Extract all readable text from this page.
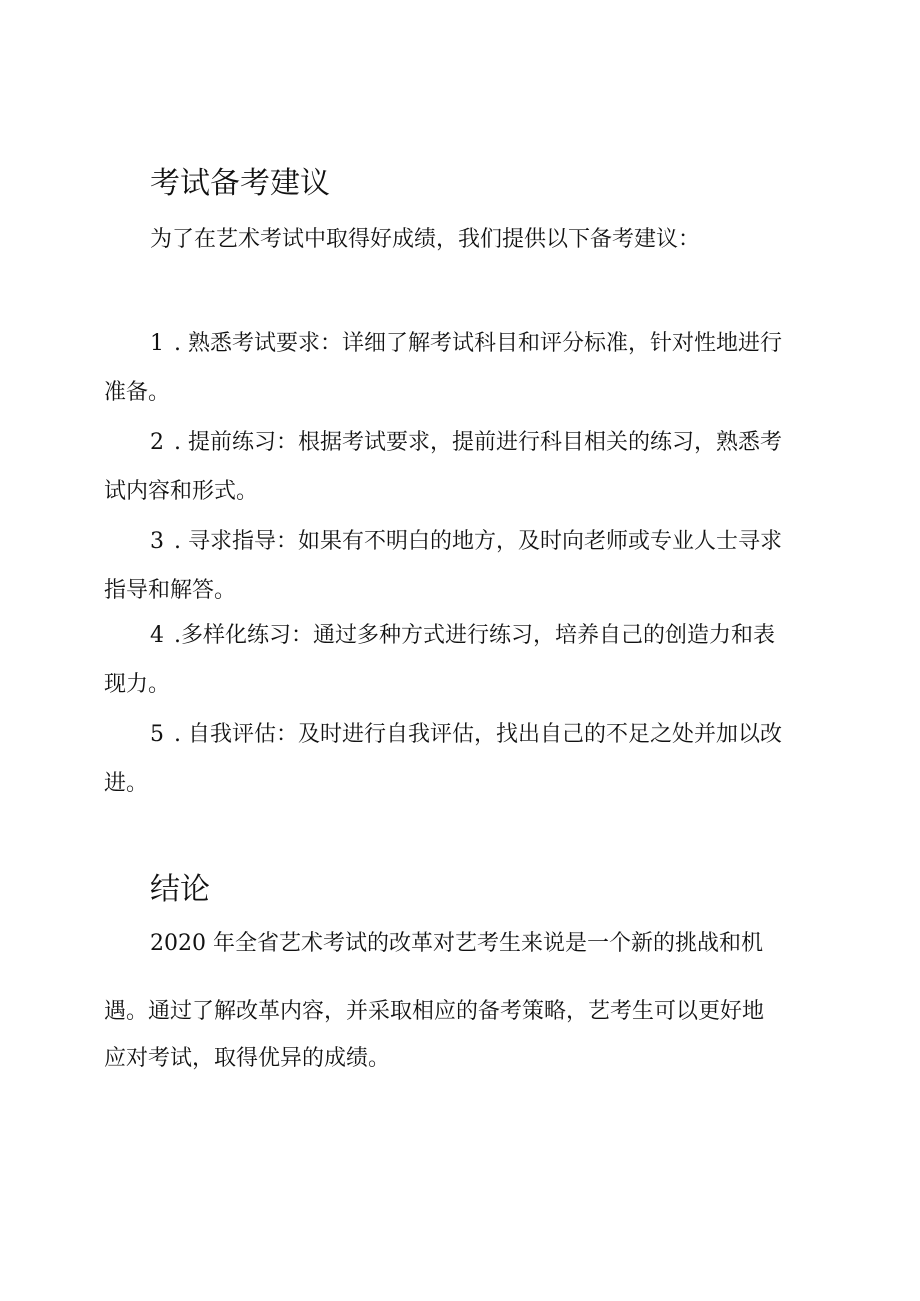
考试备考建议

为了在艺术考试中取得好成绩，我们提供以下备考建议：

1 . 熟悉考试要求：详细了解考试科目和评分标准，针对性地进行

准备。

2 . 提前练习：根据考试要求，提前进行科目相关的练习，熟悉考

试内容和形式。

3 . 寻求指导：如果有不明白的地方，及时向老师或专业人士寻求

指导和解答。

4 .多样化练习：通过多种方式进行练习，培养自己的创造力和表

现力。

5 . 自我评估：及时进行自我评估，找出自己的不足之处并加以改

进。

结论

2020 年全省艺术考试的改革对艺考生来说是一个新的挑战和机

遇。通过了解改革内容，并采取相应的备考策略，艺考生可以更好地

应对考试，取得优异的成绩。
